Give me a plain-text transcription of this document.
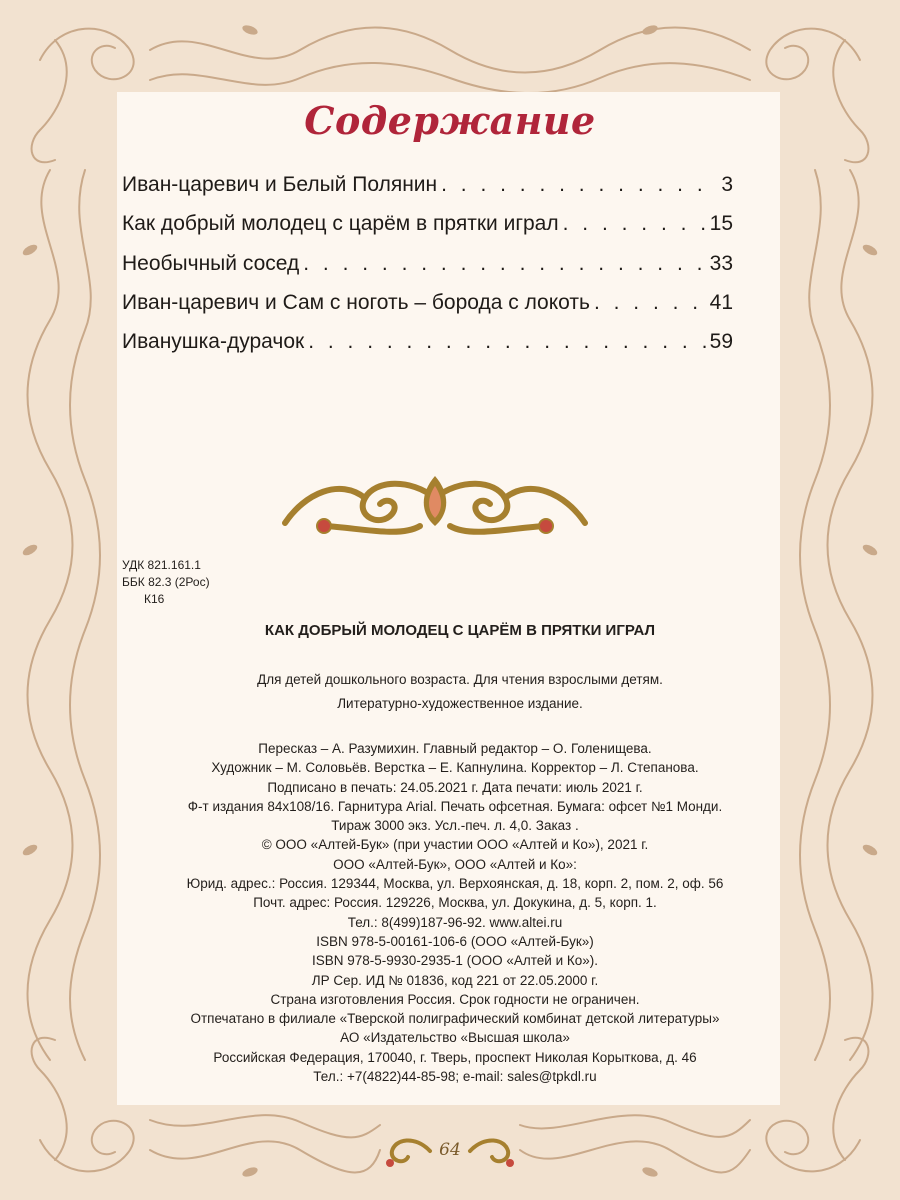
Содержание
Иван-царевич и Белый Полянин . . .	3
Как добрый молодец с царём в прятки играл . . .	15
Необычный сосед . . .	33
Иван-царевич и Сам с ноготь – борода с локоть . . .	41
Иванушка-дурачок . . .	59
УДК 821.161.1
ББК 82.3 (2Рос)
К16
КАК ДОБРЫЙ МОЛОДЕЦ С ЦАРЁМ В ПРЯТКИ ИГРАЛ
Для детей дошкольного возраста. Для чтения взрослыми детям.
Литературно-художественное издание.
Пересказ – А. Разумихин. Главный редактор – О. Голенищева.
Художник – М. Соловьёв. Верстка – Е. Капнулина. Корректор – Л. Степанова.
Подписано в печать: 24.05.2021 г. Дата печати: июль 2021 г.
Ф-т издания 84х108/16. Гарнитура Arial. Печать офсетная. Бумага: офсет №1 Монди.
Тираж 3000 экз. Усл.-печ. л. 4,0. Заказ .
© ООО «Алтей-Бук» (при участии ООО «Алтей и Ко»), 2021 г.
ООО «Алтей-Бук», ООО «Алтей и Ко»:
Юрид. адрес.: Россия. 129344, Москва, ул. Верхоянская, д. 18, корп. 2, пом. 2, оф. 56
Почт. адрес: Россия. 129226, Москва, ул. Докукина, д. 5, корп. 1.
Тел.: 8(499)187-96-92. www.altei.ru
ISBN 978-5-00161-106-6 (ООО «Алтей-Бук»)
ISBN 978-5-9930-2935-1 (ООО «Алтей и Ко»).
ЛР Сер. ИД № 01836, код 221 от 22.05.2000 г.
Страна изготовления Россия. Срок годности не ограничен.
Отпечатано в филиале «Тверской полиграфический комбинат детской литературы»
АО «Издательство «Высшая школа»
Российская Федерация, 170040, г. Тверь, проспект Николая Корыткова, д. 46
Тел.: +7(4822)44-85-98; e-mail: sales@tpkdl.ru
64
